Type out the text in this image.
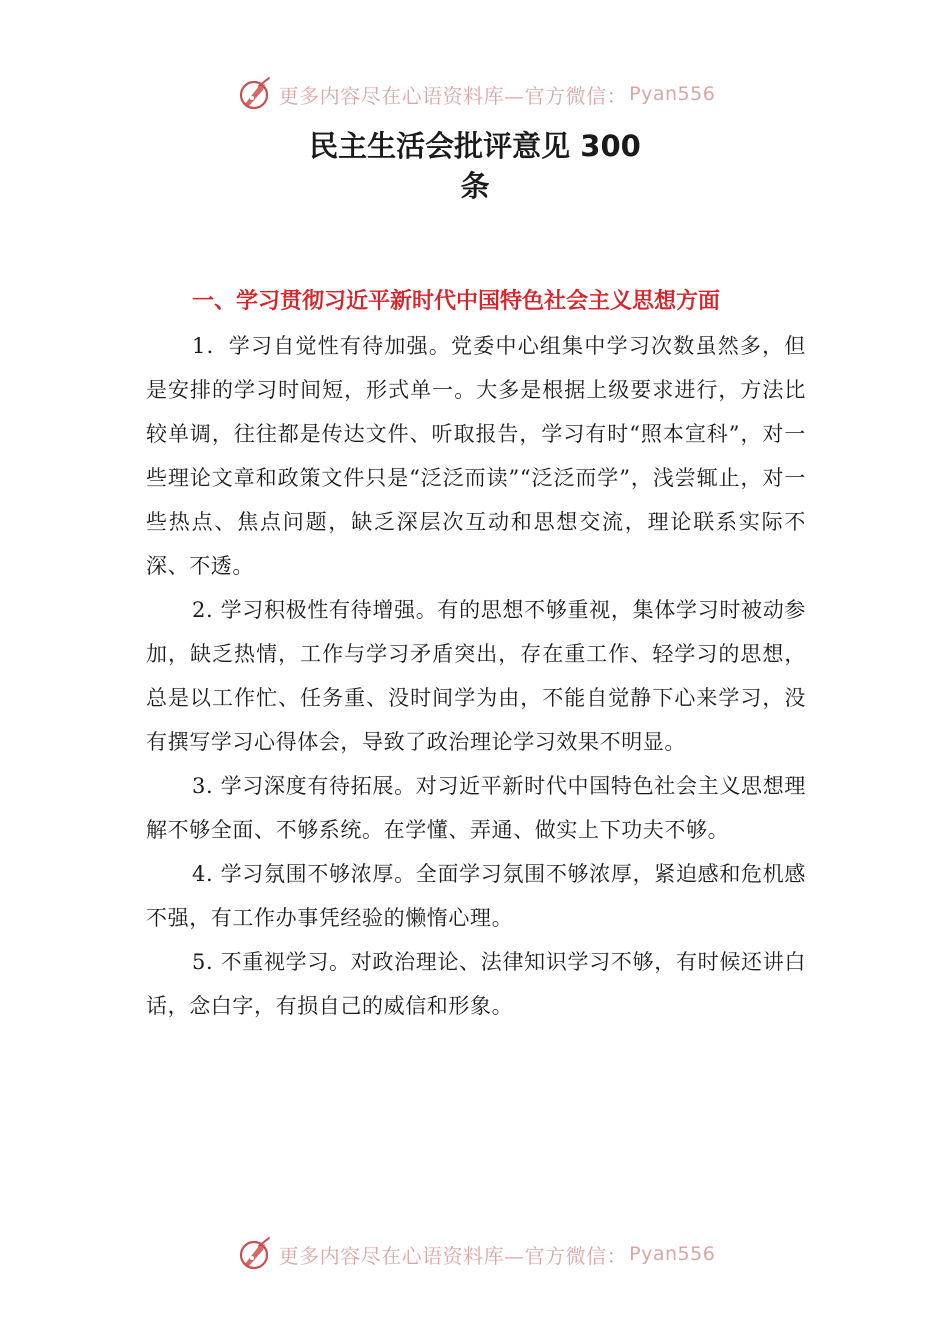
更多内容尽在心语资料库—官方微信： Pyan556
民主生活会批评意见 300
条

一、学习贯彻习近平新时代中国特色社会主义思想方面

1．学习自觉性有待加强。党委中心组集中学习次数虽然多，但是安排的学习时间短，形式单一。大多是根据上级要求进行，方法比较单调，往往都是传达文件、听取报告，学习有时“照本宣科”，对一些理论文章和政策文件只是“泛泛而读”“泛泛而学”，浅尝辄止，对一些热点、焦点问题，缺乏深层次互动和思想交流，理论联系实际不深、不透。

2. 学习积极性有待增强。有的思想不够重视，集体学习时被动参加，缺乏热情，工作与学习矛盾突出，存在重工作、轻学习的思想，总是以工作忙、任务重、没时间学为由，不能自觉静下心来学习，没有撰写学习心得体会，导致了政治理论学习效果不明显。

3. 学习深度有待拓展。对习近平新时代中国特色社会主义思想理解不够全面、不够系统。在学懂、弄通、做实上下功夫不够。

4. 学习氛围不够浓厚。全面学习氛围不够浓厚，紧迫感和危机感不强，有工作办事凭经验的懒惰心理。

5. 不重视学习。对政治理论、法律知识学习不够，有时候还讲白话，念白字，有损自己的威信和形象。

更多内容尽在心语资料库—官方微信： Pyan556
